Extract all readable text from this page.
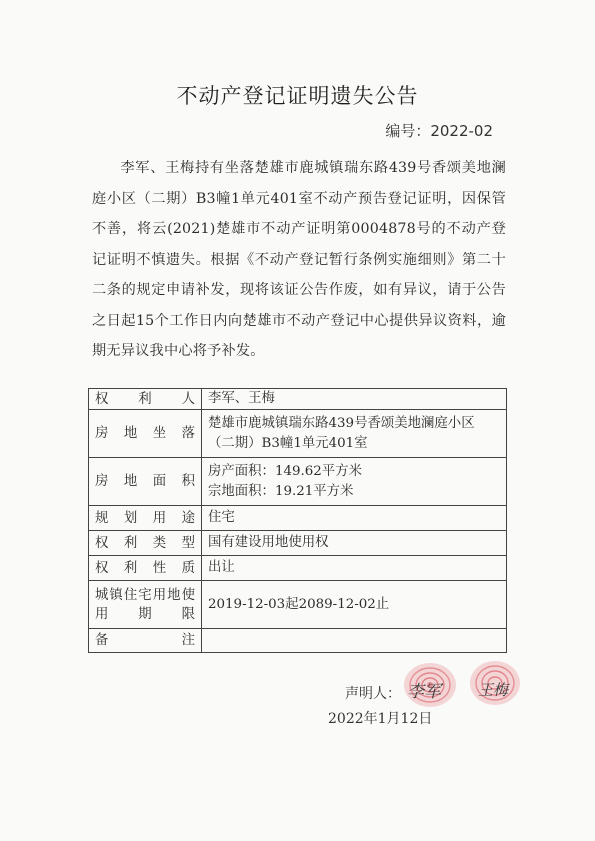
不动产登记证明遗失公告
编号：2022-02
李军、王梅持有坐落楚雄市鹿城镇瑞东路439号香颂美地澜庭小区（二期）B3幢1单元401室不动产预告登记证明，因保管不善，将云(2021)楚雄市不动产证明第0004878号的不动产登记证明不慎遗失。根据《不动产登记暂行条例实施细则》第二十二条的规定申请补发，现将该证公告作废，如有异议，请于公告之日起15个工作日内向楚雄市不动产登记中心提供异议资料，逾期无异议我中心将予补发。
权利人	李军、王梅
房地坐落	楚雄市鹿城镇瑞东路439号香颂美地澜庭小区（二期）B3幢1单元401室
房地面积	房产面积：149.62平方米
宗地面积：19.21平方米
规划用途	住宅
权利类型	国有建设用地使用权
权利性质	出让
城镇住宅用地使用期限	2019-12-03起2089-12-02止
备注	
声明人： 李军 王梅
2022年1月12日
